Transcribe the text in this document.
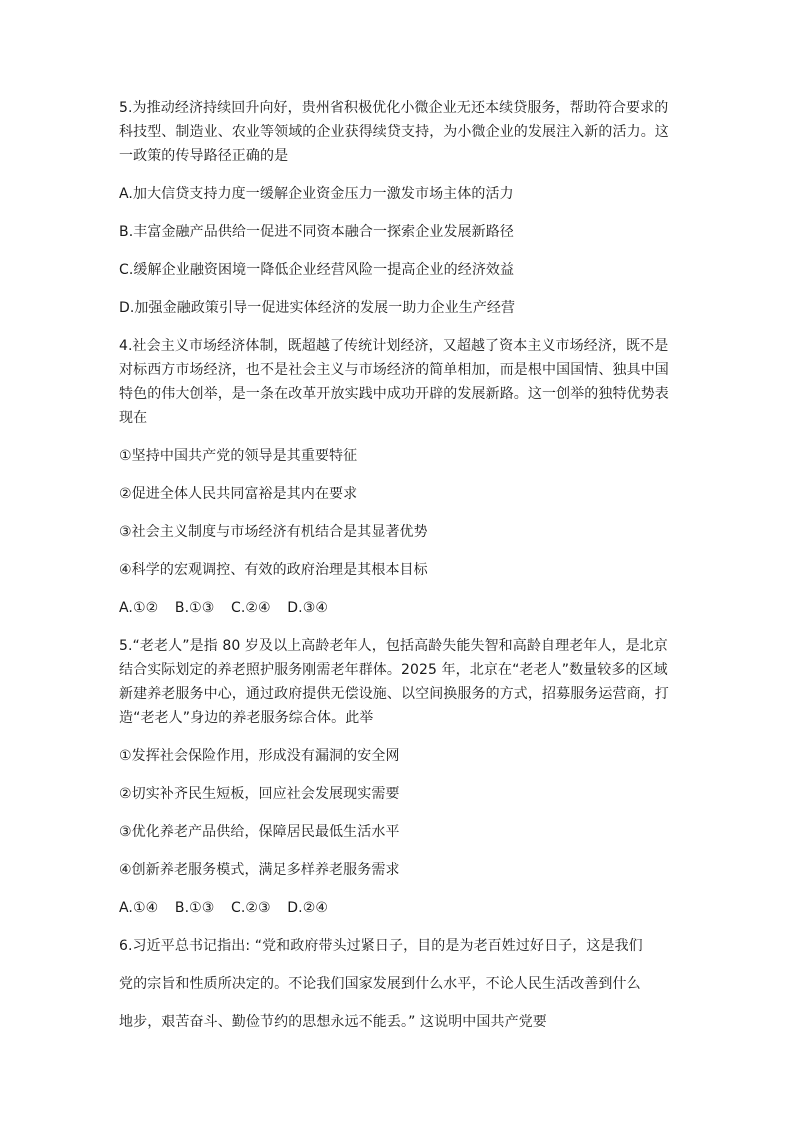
5.为推动经济持续回升向好，贵州省积极优化小微企业无还本续贷服务，帮助符合要求的科技型、制造业、农业等领域的企业获得续贷支持，为小微企业的发展注入新的活力。这一政策的传导路径正确的是

A.加大信贷支持力度一缓解企业资金压力一激发市场主体的活力

B.丰富金融产品供给一促进不同资本融合一探索企业发展新路径

C.缓解企业融资困境一降低企业经营风险一提高企业的经济效益

D.加强金融政策引导一促进实体经济的发展一助力企业生产经营

4.社会主义市场经济体制，既超越了传统计划经济，又超越了资本主义市场经济，既不是对标西方市场经济，也不是社会主义与市场经济的简单相加，而是根中国国情、独具中国特色的伟大创举，是一条在改革开放实践中成功开辟的发展新路。这一创举的独特优势表现在

①坚持中国共产党的领导是其重要特征

②促进全体人民共同富裕是其内在要求

③社会主义制度与市场经济有机结合是其显著优势

④科学的宏观调控、有效的政府治理是其根本目标

A.①② B.①③ C.②④ D.③④

5.“老老人”是指 80 岁及以上高龄老年人，包括高龄失能失智和高龄自理老年人，是北京结合实际划定的养老照护服务刚需老年群体。2025 年，北京在“老老人”数量较多的区域新建养老服务中心，通过政府提供无偿设施、以空间换服务的方式，招募服务运营商，打造“老老人”身边的养老服务综合体。此举

①发挥社会保险作用，形成没有漏洞的安全网

②切实补齐民生短板，回应社会发展现实需要

③优化养老产品供给，保障居民最低生活水平

④创新养老服务模式，满足多样养老服务需求

A.①④ B.①③ C.②③ D.②④

6.习近平总书记指出: “党和政府带头过紧日子，目的是为老百姓过好日子，这是我们

党的宗旨和性质所决定的。不论我们国家发展到什么水平，不论人民生活改善到什么

地步，艰苦奋斗、勤俭节约的思想永远不能丢。” 这说明中国共产党要
